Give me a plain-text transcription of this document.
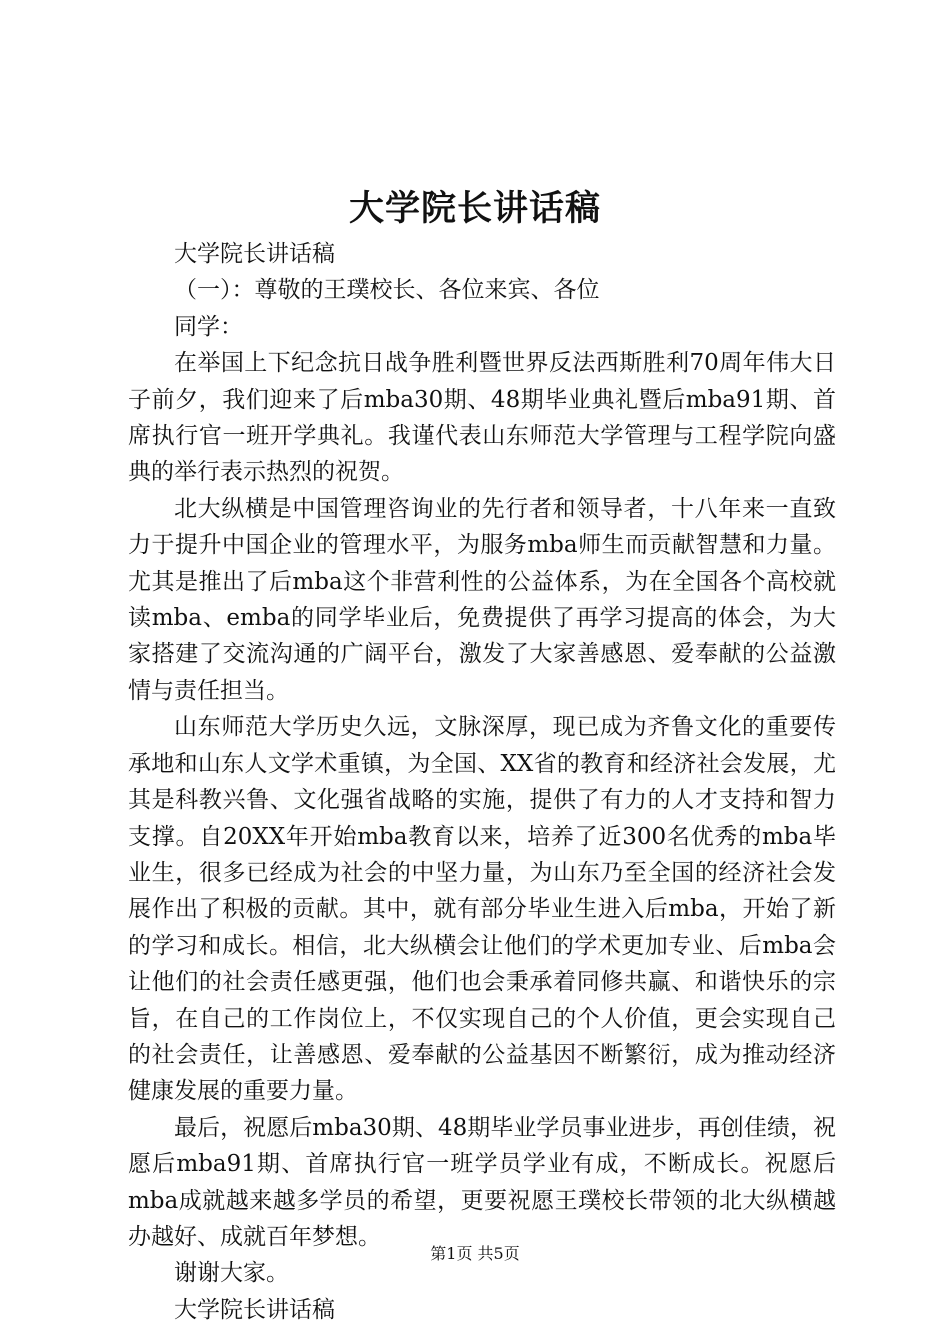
大学院长讲话稿

大学院长讲话稿

（一）：尊敬的王璞校长、各位来宾、各位

同学：

在举国上下纪念抗日战争胜利暨世界反法西斯胜利70周年伟大日子前夕，我们迎来了后mba30期、48期毕业典礼暨后mba91期、首席执行官一班开学典礼。我谨代表山东师范大学管理与工程学院向盛典的举行表示热烈的祝贺。

北大纵横是中国管理咨询业的先行者和领导者，十八年来一直致力于提升中国企业的管理水平，为服务mba师生而贡献智慧和力量。尤其是推出了后mba这个非营利性的公益体系，为在全国各个高校就读mba、emba的同学毕业后，免费提供了再学习提高的体会，为大家搭建了交流沟通的广阔平台，激发了大家善感恩、爱奉献的公益激情与责任担当。

山东师范大学历史久远，文脉深厚，现已成为齐鲁文化的重要传承地和山东人文学术重镇，为全国、XX省的教育和经济社会发展，尤其是科教兴鲁、文化强省战略的实施，提供了有力的人才支持和智力支撑。自20XX年开始mba教育以来，培养了近300名优秀的mba毕业生，很多已经成为社会的中坚力量，为山东乃至全国的经济社会发展作出了积极的贡献。其中，就有部分毕业生进入后mba，开始了新的学习和成长。相信，北大纵横会让他们的学术更加专业、后mba会让他们的社会责任感更强，他们也会秉承着同修共赢、和谐快乐的宗旨，在自己的工作岗位上，不仅实现自己的个人价值，更会实现自己的社会责任，让善感恩、爱奉献的公益基因不断繁衍，成为推动经济健康发展的重要力量。

最后，祝愿后mba30期、48期毕业学员事业进步，再创佳绩，祝愿后mba91期、首席执行官一班学员学业有成，不断成长。祝愿后mba成就越来越多学员的希望，更要祝愿王璞校长带领的北大纵横越办越好、成就百年梦想。

谢谢大家。

大学院长讲话稿

第1页 共5页
